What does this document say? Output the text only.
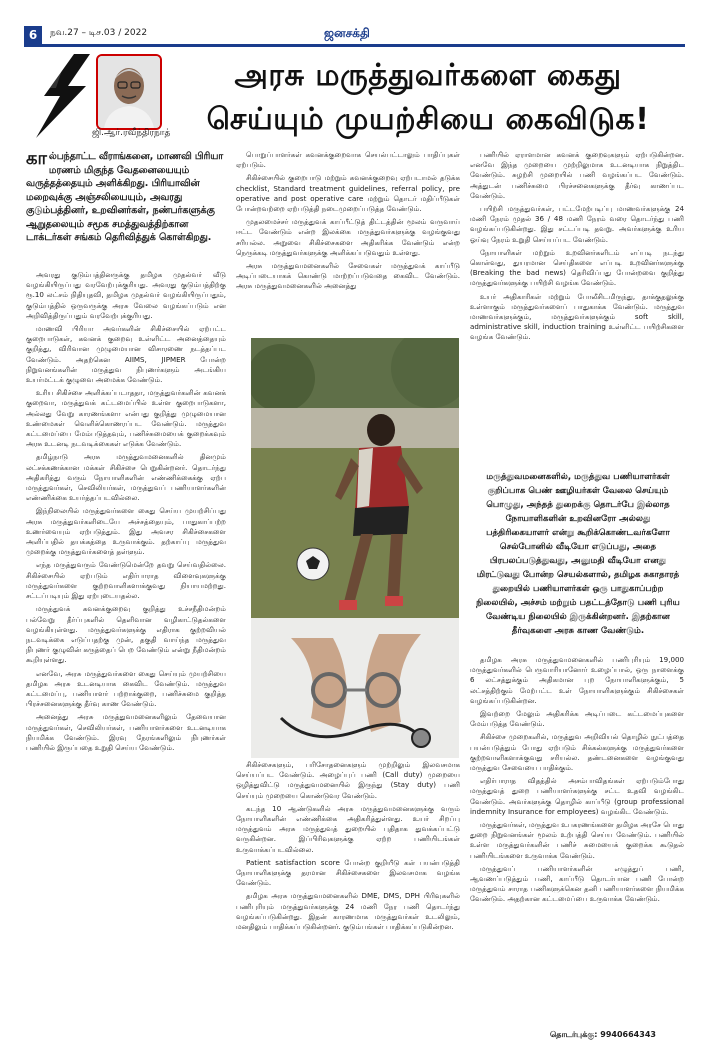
6	நவ.27 – டிச.03 / 2022	ஜனசக்தி
ஜி.ஆர்.ரவீந்திரநாத்
அரசு மருத்துவர்களை கைது
செய்யும் முயற்சியை கைவிடுக!
கால்பந்தாட்ட வீராங்கனை, மாணவி பிரியா மரணம் மிகுந்த வேதனையையும் வருத்தத்தையும் அளிக்கிறது. பிரியாவின் மறைவுக்கு அஞ்சலியையும், அவரது குடும்பத்தினர், உறவினர்கள், நண்பர்களுக்கு ஆறுதலையும் சமூக சமத்துவத்திற்கான டாக்டர்கள் சங்கம் தெரிவித்துக் கொள்கிறது.

அவரது குடும்பத்தினருக்கு தமிழக முதல்வர் வீடு வழங்கியிருப்பது வரவேற்புக்குரியது. அவரது குடும்பத்திற்கு ரூ.10 லட்சம் நிதியுதவி, தமிழக முதல்வர் வழங்கியிருப்பதும், குடும்பத்தில் ஒருவருக்கு அரசு வேலை வழங்கப்படும் என அறிவித்திருப்பதும் வரவேற்புக்குரியது.

மாணவி பிரியா அவர்களின் சிகிச்சையில் ஏற்பட்ட குறைபாடுகள், கவனக் குறைவு உள்ளிட்ட அனைத்தையும் குறித்து, விரிவான முழுமையான விசாரணை நடத்தப்பட வேண்டும். அதற்கென AIIMS, JIPMER போன்ற நிறுவனங்களின் மருத்துவ நிபுணர்களும் அடங்கிய உயர்மட்டக் குழுவை அமைக்க வேண்டும்.

உரிய சிகிச்சை அளிக்கப்படாததா, மருத்துவர்களின் கவனக் குறைவா, மருத்துவக் கட்டமைப்பில் உள்ள குறைபாடுகளா, அல்லது வேறு காரணங்களா என்பது குறித்து முழுமையான உண்மைகள் வெளிக்கொணரப்பட வேண்டும். மருத்துவ கட்டமைப்பை மேம்படுத்தவும், பணிச்சுமையைக் குறைக்கவும் அரசு உடனடி நடவடிக்கைகள் எடுக்க வேண்டும்.

தமிழ்நாடு அரசு மருத்துவமனைகளில் தினமும் லட்சக்கணக்கான மக்கள் சிகிச்சை பெறுகின்றனர். தொடர்ந்து அதிகரித்து வரும் நோயாளிகளின் எண்ணிக்கைக்கு ஏற்ப மருத்துவர்கள், செவிலியர்கள், மருத்துவப் பணியாளர்களின் எண்ணிக்கை உயர்த்தப்படவில்லை.

இந்நிலையில் மருத்துவர்களை கைது செய்ய முயற்சிப்பது அரசு மருத்துவர்களிடையே அச்சத்தையும், பாதுகாப்பற்ற உணர்வையும் ஏற்படுத்தும். இது அவசர சிகிச்சைகளை அளிப்பதில் தயக்கத்தை உருவாக்கும். தற்காப்பு மருத்துவ முறைக்கு மருத்துவர்களைத் தள்ளும்.

எந்த மருத்துவரும் வேண்டுமென்றே தவறு செய்வதில்லை. சிகிச்சையில் ஏற்படும் எதிர்பாராத விளைவுகளுக்கு மருத்துவர்களை குற்றவாளிகளாக்குவது நியாயமற்றது. சட்டப்படியும் இது ஏற்புடையதல்ல.

மருத்துவக் கவனக்குறைவு குறித்து உச்சநீதிமன்றம் பல்வேறு தீர்ப்புகளில் தெளிவான வழிகாட்டுதல்களை வழங்கியுள்ளது. மருத்துவர்களுக்கு எதிராக குற்றவியல் நடவடிக்கை எடுப்பதற்கு முன், தகுதி வாய்ந்த மருத்துவ நிபுணர் குழுவின் கருத்தைப் பெற வேண்டும் என்று நீதிமன்றம் கூறியுள்ளது.

எனவே, அரசு மருத்துவர்களை கைது செய்யும் முயற்சியை தமிழக அரசு உடனடியாக கைவிட வேண்டும். மருத்துவ கட்டமைப்பு, பணியாளர் பற்றாக்குறை, பணிச்சுமை குறித்த பிரச்சனைகளுக்கு தீர்வு காண வேண்டும்.

அனைத்து அரசு மருத்துவமனைகளிலும் தேவையான மருத்துவர்கள், செவிலியர்கள், பணியாளர்களை உடனடியாக நியமிக்க வேண்டும். இரவு நேரங்களிலும் நிபுணர்கள் பணியில் இருப்பதை உறுதி செய்ய வேண்டும்.

பொறுப்பாளர்கள் கவனக்குறைவாக செயல்பட்டாலும் பாதிப்புகள் ஏற்படும்.

சிகிச்சையில் குறைபாடு மற்றும் கவனக்குறைவு ஏற்படாமல் தடுக்க checklist, Standard treatment guidelines, referral policy, pre operative and post operative care மற்றும் தொடர் மதிப்பீடுகள் போன்றவற்றை ஏற்படுத்தி நடைமுறைப்படுத்த வேண்டும்.

முதலமைச்சர் மருத்துவக் காப்பீட்டுத் திட்டத்தின் மூலம் வருவாய் ஈட்ட வேண்டும் என்ற இலக்கை மருத்துவர்களுக்கு வழங்குவது சரியல்ல. அறுவை சிகிச்சைகளை அதிகரிக்க வேண்டும் என்ற நெருக்கடி மருத்துவர்களுக்கு அளிக்கப்படுவதும் உள்ளது.

அரசு மருத்துவமனைகளில் சேவைகள் மருத்துவக் காப்பீடு அடிப்படையாகக் கொண்டு மாற்றப்படுவதை கைவிட வேண்டும். அரசு மருத்துவமனைகளில் அனைத்து

சிகிச்சைகளும், பரிசோதனைகளும் முற்றிலும் இலவசமாக செய்யப்பட வேண்டும். அழைப்புப் பணி (Call duty) முறையை ஒழித்துவிட்டு மருத்துவமனையில் இருந்து (Stay duty) பணி செய்யும் முறையை கொண்டுவர வேண்டும்.

கடந்த 10 ஆண்டுகளில் அரசு மருத்துவமனைகளுக்கு வரும் நோயாளிகளின் எண்ணிக்கை அதிகரித்துள்ளது. உயர் சிறப்பு மருத்துவம் அரசு மருத்துவத் துறையில் புதிதாக துவக்கப்பட்டு வருகின்றன. இப்பிரிவுகளுக்கு ஏற்ற பணியிடங்கள் உருவாக்கப்படவில்லை.

Patient satisfaction score போன்ற குறியீடு கள் பயன்படுத்தி நோயாளிகளுக்கு தரமான சிகிச்சைகளை இலவசமாக வழங்க வேண்டும்.

தமிழக அரசு மருத்துவமனைகளில் DME, DMS, DPH பிரிவுகளில் பணிபுரியும் மருத்துவர்களுக்கு 24 மணி நேர பணி தொடர்ந்து வழங்கப்படுகின்றது. இதன் காரணமாக மருத்துவர்கள் உடலிலும், மனதிலும் பாதிக்கப்படுகின்றனர். குடும்பங்கள் பாதிக்கப்படுகின்றன.

பணியில் ஏராளமான கவனக் குறைவுகளும் ஏற்படுகின்றன. எனவே இந்த முறையை முற்றிலுமாக உடனடியாக நிறுத்திட வேண்டும். சுழற்சி முறையில் பணி வழங்கப்பட வேண்டும். அத்துடன் பணிச்சுமை பிரச்சனைகளுக்கு தீர்வு காணப்பட வேண்டும்.

பயிற்சி மருத்துவர்கள், பட்டமேற்படிப்பு மாணவர்களுக்கு 24 மணி நேரம் முதல் 36 / 48 மணி நேரம் வரை தொடர்ந்து பணி வழங்கப்படுகின்றது. இது சட்டப்படி தவறு. அவர்களுக்கு உரிய ஓய்வு நேரம் உறுதி செய்யப்பட வேண்டும்.

நோயாளிகள் மற்றும் உறவினர்களிடம் எப்படி நடந்து கொள்வது, துயரமான செய்திகளை எப்படி உறவினர்களுக்கு (Breaking the bad news) தெரிவிப்பது போன்றவை குறித்து மருத்துவர்களுக்கு பயிற்சி வழங்க வேண்டும்.

உயர் அதிகாரிகள் மற்றும் போலீசிடமிருந்து, தாக்குதலுக்கு உள்ளாகும் மருத்துவர்களைப் பாதுகாக்க வேண்டும். மருத்துவ மாணவர்களுக்கும், மருத்துவர்களுக்கும் soft skill, administrative skill, induction training உள்ளிட்ட பயிற்சிகளை வழங்க வேண்டும்.

மருத்துவமனைகளில், மருத்துவ பணியாளர்கள் குறிப்பாக பெண் ஊழியர்கள் வேலை செய்யும் பொழுது, அந்தத் துறைக்கு தொடர்பே இல்லாத நோயாளிகளின் உறவினரோ அல்லது பத்திரிகையாளர் என்று கூறிக்கொண்டவர்களோ செல்போனில் வீடியோ எடுப்பது, அதை பிரபலப்படுத்துவது, அனுமதி வீடியோ எனது மிரட்டுவது போன்ற செயல்களால், தமிழக சுகாதாரத் துறையில் பணியாளர்கள் ஒரு பாதுகாப்பற்ற நிலையில், அச்சம் மற்றும் பதட்டத்தோடு பணி புரிய வேண்டிய நிலையில் இருக்கின்றனர். இதற்கான தீர்வுகளை அரசு காண வேண்டும்.

தமிழக அரசு மருத்துவமனைகளில் பணிபுரியும் 19,000 மருத்துவர்களில் பெருவாரியானோர் உழைப்பால், ஒரு நாளைக்கு 6 லட்சத்துக்கும் அதிகமான புற நோயாளிகளுக்கும், 5 லட்சத்திற்கும் மேற்பட்ட உள் நோயாளிகளுக்கும் சிகிச்சைகள் வழங்கப்படுகின்றன.

இவற்றை மேலும் அதிகரிக்க அடிப்படை கட்டமைப்புகளை மேம்படுத்த வேண்டும்.

சிகிச்சை முறைகளில், மருத்துவ அறிவியல் தொழில் நுட்பத்தை பயன்படுத்தும் போது ஏற்படும் சிக்கல்களுக்கு மருத்துவர்களை குற்றவாளிகளாக்குவது சரியல்ல. தண்டனைகளை வழங்குவது மருத்துவ சேவையை பாதிக்கும்.

எதிர்பாராத விதத்தில் அசம்பாவிதங்கள் ஏற்படும்போது மருத்துவத் துறை பணியாளர்களுக்கு சட்ட உதவி வழங்கிட வேண்டும். அவர்களுக்கு தொழில் காப்பீடு (group professional indemnity Insurance for employees) வழங்கிட வேண்டும்.

மருத்துவர்கள், மருத்துவ உபகரணங்களை தமிழக அரசே பொது துறை நிறுவனங்கள் மூலம் உற்பத்தி செய்ய வேண்டும். பணியில் உள்ள மருத்துவர்களின் பணிச் சுமையைக் குறைக்க கூடுதல் பணியிடங்களை உருவாக்க வேண்டும்.

மருத்துவப் பணியாளர்களின் எழுத்துப் பணி, ஆவணப்படுத்தும் பணி, காப்பீடு தொடர்பான பணி போன்ற மருத்துவம் சாராத பணிகளுக்கென தனி பணியாளர்களை நியமிக்க வேண்டும். அதற்கான கட்டமைப்பை உருவாக்க வேண்டும்.

தொடர்புக்கு: 9940664343
